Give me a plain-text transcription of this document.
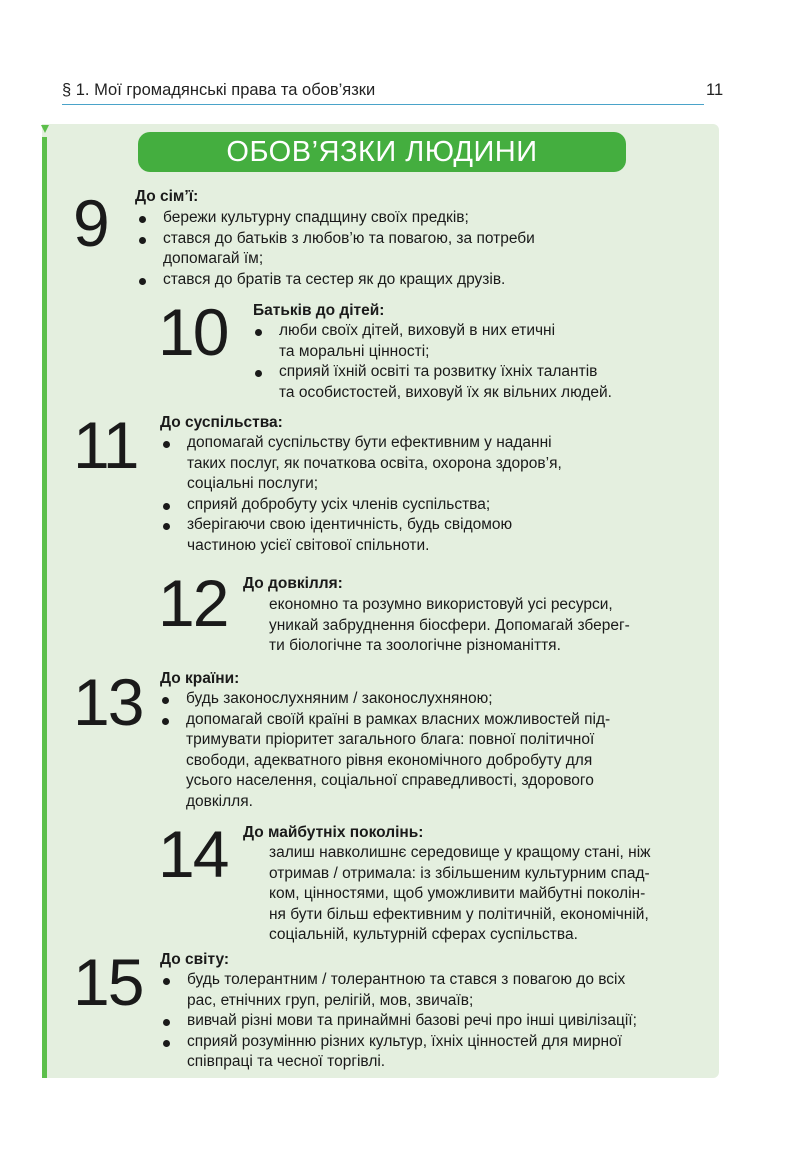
§ 1. Мої громадянські права та обов’язки	11
ОБОВ’ЯЗКИ ЛЮДИНИ
9 До сім’ї:
бережи культурну спадщину своїх предків;
стався до батьків з любов’ю та повагою, за потреби
допомагай їм;
стався до братів та сестер як до кращих друзів.
10 Батьків до дітей:
люби своїх дітей, виховуй в них етичні
та моральні цінності;
сприяй їхній освіті та розвитку їхніх талантів
та особистостей, виховуй їх як вільних людей.
11 До суспільства:
допомагай суспільству бути ефективним у наданні
таких послуг, як початкова освіта, охорона здоров’я,
соціальні послуги;
сприяй добробуту усіх членів суспільства;
зберігаючи свою ідентичність, будь свідомою
частиною усієї світової спільноти.
12 До довкілля:
економно та розумно використовуй усі ресурси,
уникай забруднення біосфери. Допомагай зберег-
ти біологічне та зоологічне різноманіття.
13 До країни:
будь законослухняним / законослухняною;
допомагай своїй країні в рамках власних можливостей під-
тримувати пріоритет загального блага: повної політичної
свободи, адекватного рівня економічного добробуту для
усього населення, соціальної справедливості, здорового
довкілля.
14 До майбутніх поколінь:
залиш навколишнє середовище у кращому стані, ніж
отримав / отримала: із збільшеним культурним спад-
ком, цінностями, щоб уможливити майбутні поколін-
ня бути більш ефективним у політичній, економічній,
соціальній, культурній сферах суспільства.
15 До світу:
будь толерантним / толерантною та стався з повагою до всіх
рас, етнічних груп, релігій, мов, звичаїв;
вивчай різні мови та принаймні базові речі про інші цивілізації;
сприяй розумінню різних культур, їхніх цінностей для мирної
співпраці та чесної торгівлі.
